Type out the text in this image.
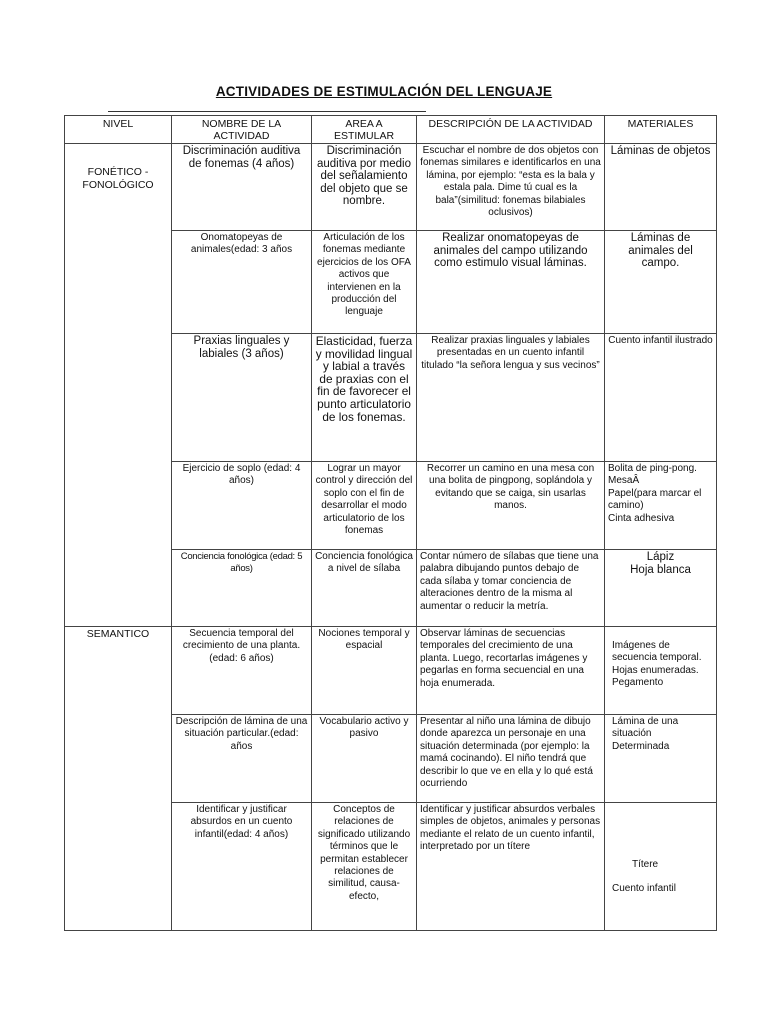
ACTIVIDADES DE ESTIMULACIÓN DEL LENGUAJE
NIVEL	NOMBRE DE LA ACTIVIDAD	AREA A ESTIMULAR	DESCRIPCIÓN DE LA ACTIVIDAD	MATERIALES
FONÉTICO - FONOLÓGICO	Discriminación auditiva de fonemas (4 años)	Discriminación auditiva por medio del señalamiento del objeto que se nombre.	Escuchar el nombre de dos objetos con fonemas similares e identificarlos en una lámina, por ejemplo: “esta es la bala y estala pala. Dime tú cual es la bala”(similitud: fonemas bilabiales oclusivos)	Láminas de objetos
	Onomatopeyas de animales(edad: 3 años	Articulación de los fonemas mediante ejercicios de los OFA activos que intervienen en la producción del lenguaje	Realizar onomatopeyas de animales del campo utilizando como estimulo visual láminas.	Láminas de animales del campo.
	Praxias linguales y labiales (3 años)	Elasticidad, fuerza y movilidad lingual y labial a través de praxias con el fin de favorecer el punto articulatorio de los fonemas.	Realizar praxias linguales y labiales presentadas en un cuento infantil titulado “la señora lengua y sus vecinos”	Cuento infantil ilustrado
	Ejercicio de soplo (edad: 4 años)	Lograr un mayor control y dirección del soplo con el fin de desarrollar el modo articulatorio de los fonemas	Recorrer un camino en una mesa con una bolita de pingpong, soplándola y evitando que se caiga, sin usarlas manos.	Bolita de ping-pong.
MesaÂ
Papel(para marcar el camino)
Cinta adhesiva

	Conciencia fonológica (edad: 5 años)	Conciencia fonológica a nivel de sílaba	Contar número de sílabas que tiene una palabra dibujando puntos debajo de cada sílaba y tomar conciencia de alteraciones dentro de la misma al aumentar o reducir la metría.	Lápiz
Hoja blanca

SEMANTICO	Secuencia temporal del crecimiento de una planta.(edad: 6 años)	Nociones temporal y espacial	Observar láminas de secuencias temporales del crecimiento de una planta. Luego, recortarlas imágenes y pegarlas en forma secuencial en una hoja enumerada.	Imágenes de secuencia temporal.
Hojas enumeradas.
Pegamento

	Descripción de lámina de una situación particular.(edad: años	Vocabulario activo y pasivo	Presentar al niño una lámina de dibujo donde aparezca un personaje en una situación determinada (por ejemplo: la mamá cocinando). El niño tendrá que describir lo que ve en ella y lo qué está ocurriendo	Lámina de una situación
Determinada

	Identificar y justificar absurdos en un cuento infantil(edad: 4 años)	Conceptos de relaciones de significado utilizando términos que le permitan establecer relaciones de similitud, causa-efecto,	Identificar y justificar absurdos verbales simples de objetos, animales y personas mediante el relato de un cuento infantil, interpretado por un títere	Títere
Cuento infantil
